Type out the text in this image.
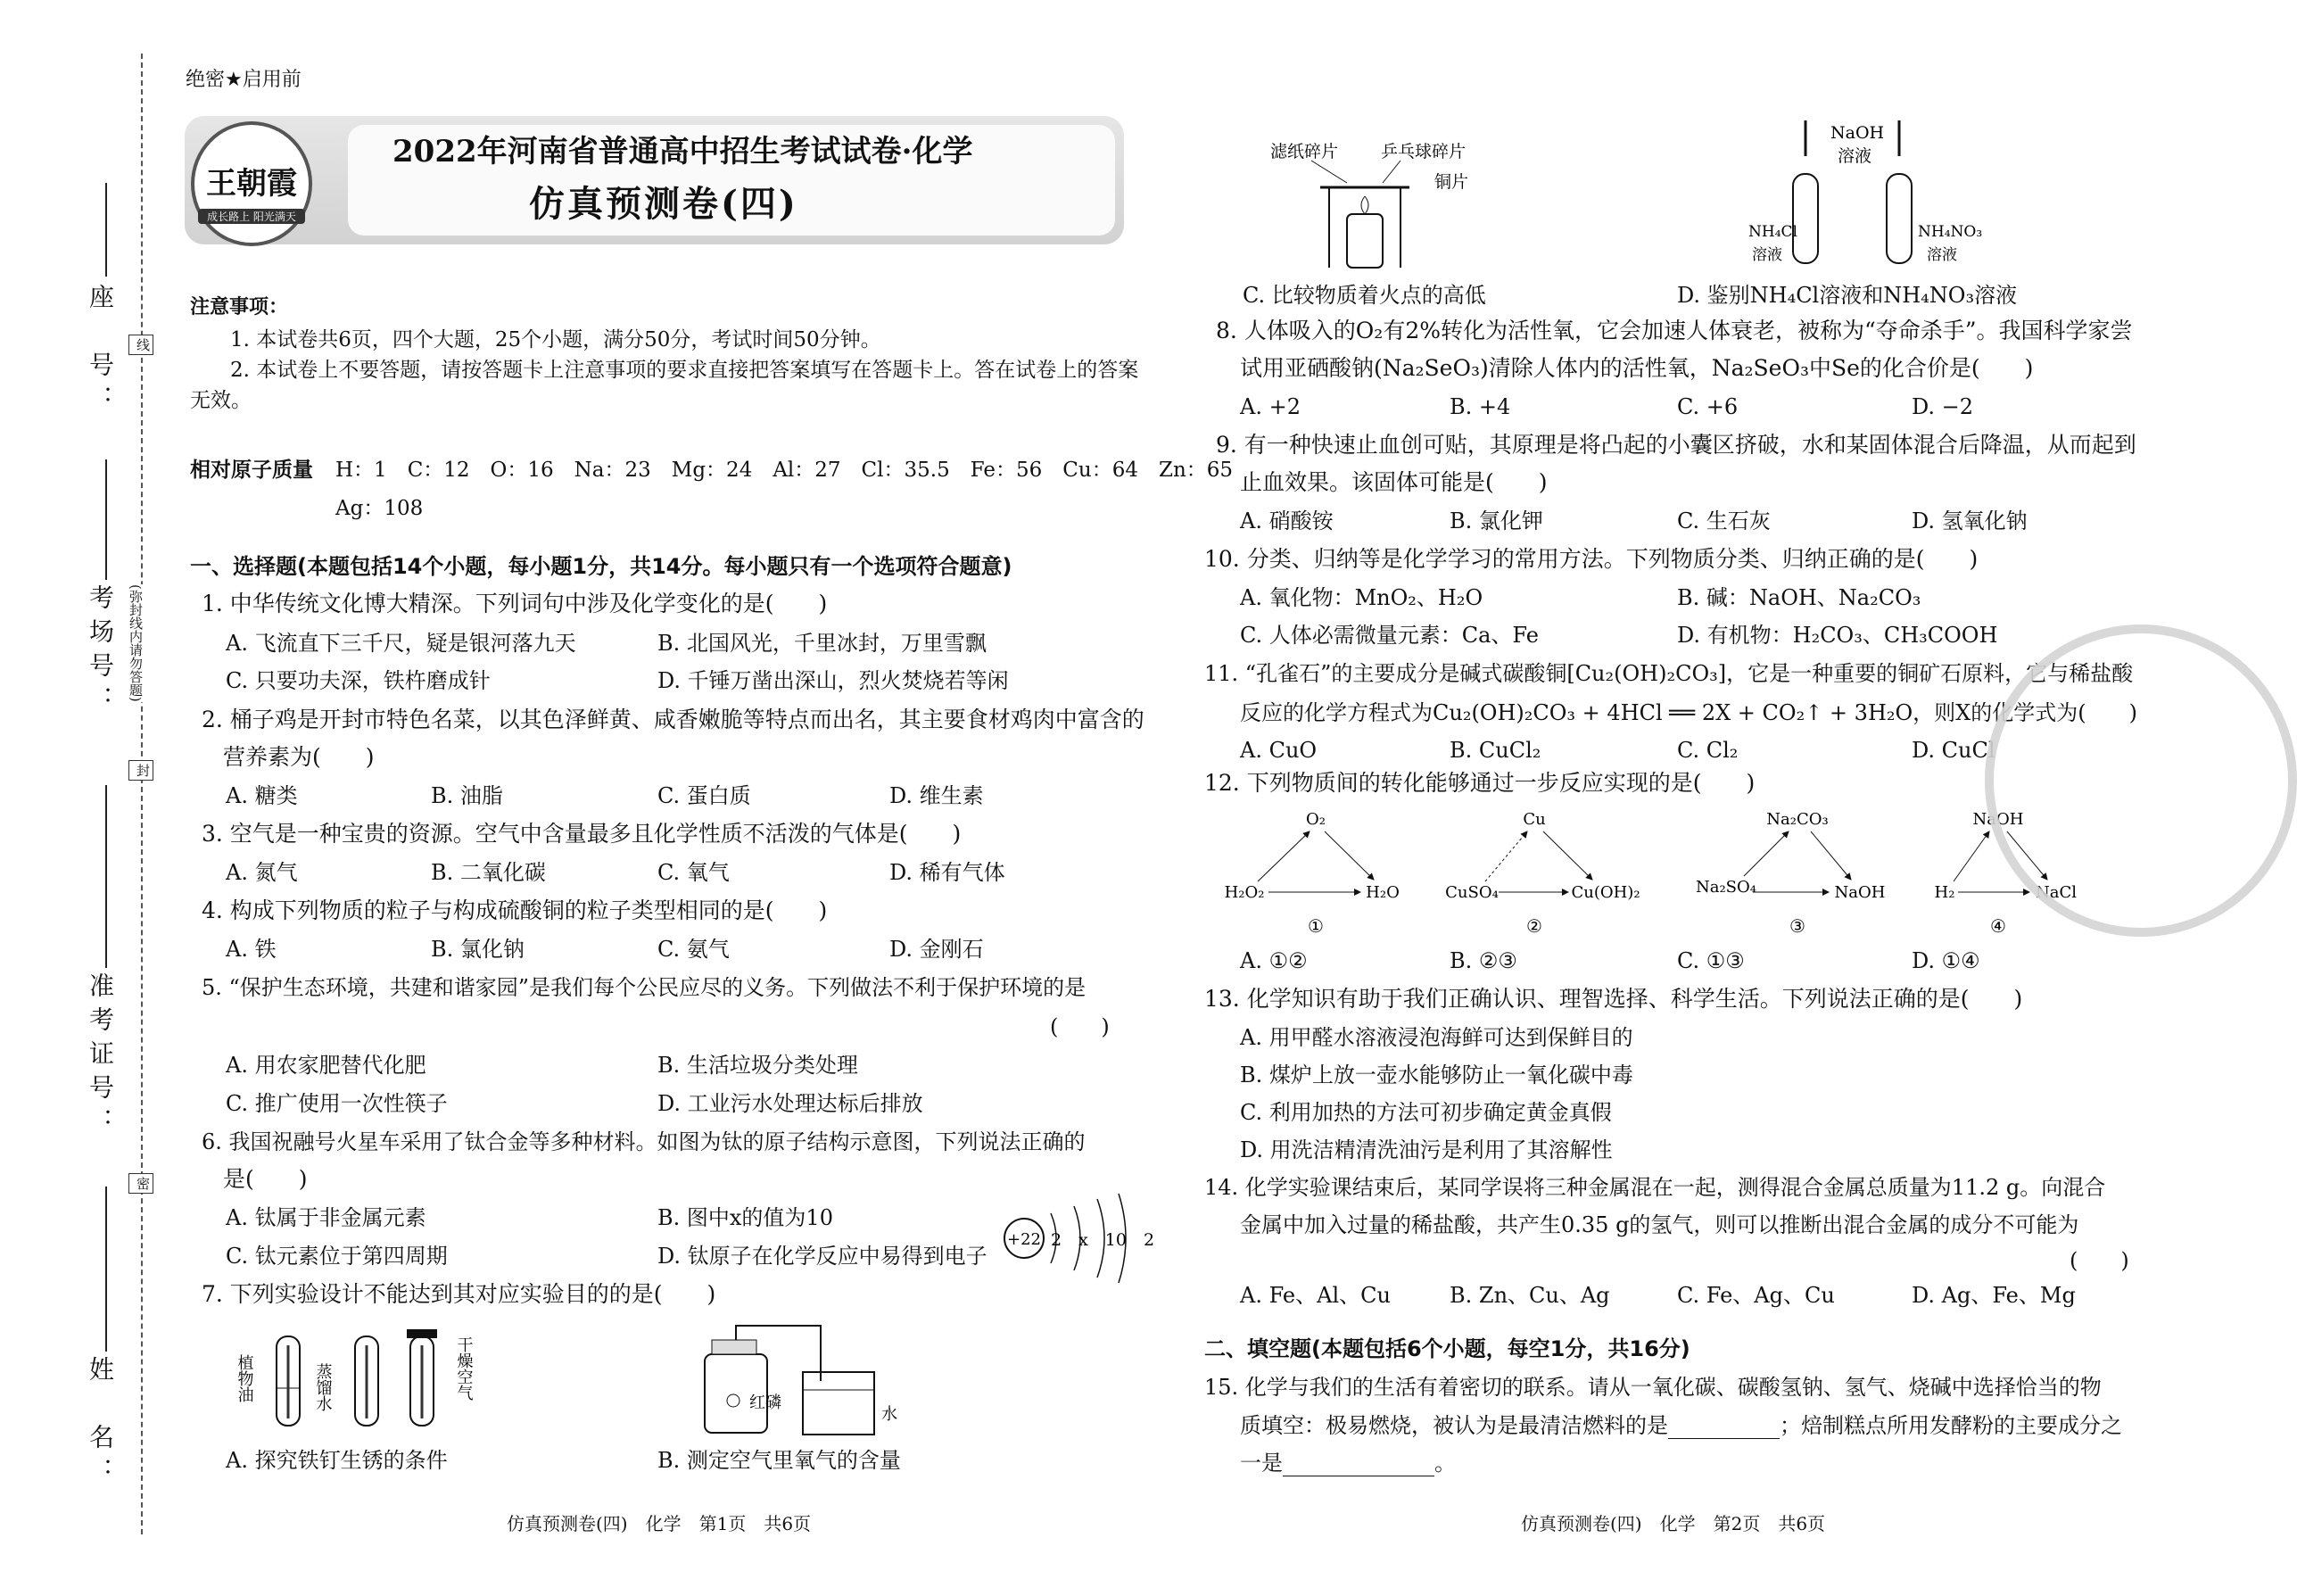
座　号：
考场号：
准考证号：
姓　名：
线
(弥封线内请勿答题)
封
密
绝密★启用前
王朝霞
成长路上 阳光满天
2022年河南省普通高中招生考试试卷·化学
仿真预测卷(四)
注意事项：
1. 本试卷共6页，四个大题，25个小题，满分50分，考试时间50分钟。
2. 本试卷上不要答题，请按答题卡上注意事项的要求直接把答案填写在答题卡上。答在试卷上的答案
无效。
相对原子质量 H：1　C：12　O：16　Na：23　Mg：24　Al：27　Cl：35.5　Fe：56　Cu：64　Zn：65
Ag：108
一、选择题(本题包括14个小题，每小题1分，共14分。每小题只有一个选项符合题意)
1. 中华传统文化博大精深。下列词句中涉及化学变化的是(　　)
A. 飞流直下三千尺，疑是银河落九天	B. 北国风光，千里冰封，万里雪飘
C. 只要功夫深，铁杵磨成针	D. 千锤万凿出深山，烈火焚烧若等闲
2. 桶子鸡是开封市特色名菜，以其色泽鲜黄、咸香嫩脆等特点而出名，其主要食材鸡肉中富含的
营养素为(　　)
A. 糖类	B. 油脂	C. 蛋白质	D. 维生素
3. 空气是一种宝贵的资源。空气中含量最多且化学性质不活泼的气体是(　　)
A. 氮气	B. 二氧化碳	C. 氧气	D. 稀有气体
4. 构成下列物质的粒子与构成硫酸铜的粒子类型相同的是(　　)
A. 铁	B. 氯化钠	C. 氨气	D. 金刚石
5. “保护生态环境，共建和谐家园”是我们每个公民应尽的义务。下列做法不利于保护环境的是
(　　)
A. 用农家肥替代化肥	B. 生活垃圾分类处理
C. 推广使用一次性筷子	D. 工业污水处理达标后排放
6. 我国祝融号火星车采用了钛合金等多种材料。如图为钛的原子结构示意图，下列说法正确的
是(　　)
A. 钛属于非金属元素	B. 图中x的值为10
C. 钛元素位于第四周期	D. 钛原子在化学反应中易得到电子
+22 2　x　10　2
7. 下列实验设计不能达到其对应实验目的的是(　　)
植物油	蒸馏水	干燥空气
红磷
水
A. 探究铁钉生锈的条件	B. 测定空气里氧气的含量
仿真预测卷(四)　化学　第1页　共6页
滤纸碎片	乒乓球碎片
铜片
NaOH
溶液
NH₄Cl
溶液
NH₄NO₃
溶液
C. 比较物质着火点的高低	D. 鉴别NH₄Cl溶液和NH₄NO₃溶液
8. 人体吸入的O₂有2%转化为活性氧，它会加速人体衰老，被称为“夺命杀手”。我国科学家尝
试用亚硒酸钠(Na₂SeO₃)清除人体内的活性氧，Na₂SeO₃中Se的化合价是(　　)
A. +2	B. +4	C. +6	D. −2
9. 有一种快速止血创可贴，其原理是将凸起的小囊区挤破，水和某固体混合后降温，从而起到
止血效果。该固体可能是(　　)
A. 硝酸铵	B. 氯化钾	C. 生石灰	D. 氢氧化钠
10. 分类、归纳等是化学学习的常用方法。下列物质分类、归纳正确的是(　　)
A. 氧化物：MnO₂、H₂O	B. 碱：NaOH、Na₂CO₃
C. 人体必需微量元素：Ca、Fe	D. 有机物：H₂CO₃、CH₃COOH
11. “孔雀石”的主要成分是碱式碳酸铜[Cu₂(OH)₂CO₃]，它是一种重要的铜矿石原料，它与稀盐酸
反应的化学方程式为Cu₂(OH)₂CO₃ + 4HCl ══ 2X + CO₂↑ + 3H₂O，则X的化学式为(　　)
A. CuO	B. CuCl₂	C. Cl₂	D. CuCl
12. 下列物质间的转化能够通过一步反应实现的是(　　)
O₂
H₂O₂	H₂O
①
Cu
CuSO₄	Cu(OH)₂
②
Na₂CO₃
Na₂SO₄	NaOH
③
NaOH
H₂	NaCl
④
A. ①②	B. ②③	C. ①③	D. ①④
13. 化学知识有助于我们正确认识、理智选择、科学生活。下列说法正确的是(　　)
A. 用甲醛水溶液浸泡海鲜可达到保鲜目的
B. 煤炉上放一壶水能够防止一氧化碳中毒
C. 利用加热的方法可初步确定黄金真假
D. 用洗洁精清洗油污是利用了其溶解性
14. 化学实验课结束后，某同学误将三种金属混在一起，测得混合金属总质量为11.2 g。向混合
金属中加入过量的稀盐酸，共产生0.35 g的氢气，则可以推断出混合金属的成分不可能为
(　　)
A. Fe、Al、Cu	B. Zn、Cu、Ag	C. Fe、Ag、Cu	D. Ag、Fe、Mg
二、填空题(本题包括6个小题，每空1分，共16分)
15. 化学与我们的生活有着密切的联系。请从一氧化碳、碳酸氢钠、氢气、烧碱中选择恰当的物
质填空：极易燃烧，被认为是最清洁燃料的是	；焙制糕点所用发酵粉的主要成分之
一是	。
仿真预测卷(四)　化学　第2页　共6页
